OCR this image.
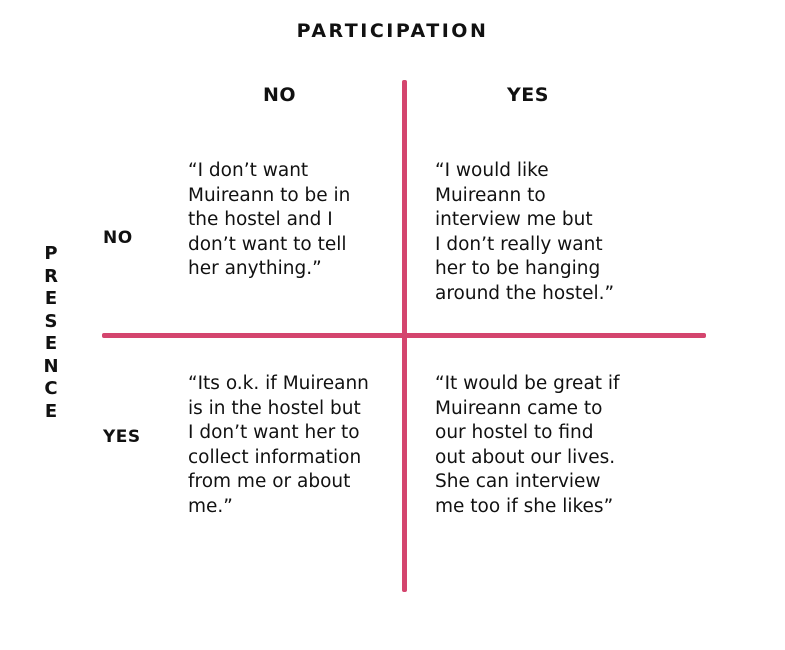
PARTICIPATION
NO	YES
P
R
E
S
E
N
C
E
NO
YES
“I don’t want
Muireann to be in
the hostel and I
don’t want to tell
her anything.”
“I would like
Muireann to
interview me but
I don’t really want
her to be hanging
around the hostel.”
“Its o.k. if Muireann
is in the hostel but
I don’t want her to
collect information
from me or about
me.”
“It would be great if
Muireann came to
our hostel to find
out about our lives.
She can interview
me too if she likes”
